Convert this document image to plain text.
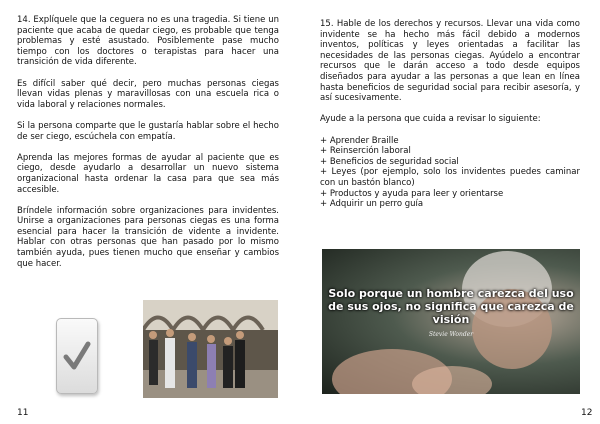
14. Explíquele que la ceguera no es una tragedia. Si tiene un paciente que acaba de quedar ciego, es probable que tenga problemas y esté asustado. Posiblemente pase mucho tiempo con los doctores o terapistas para hacer una transición de vida diferente.

Es difícil saber qué decir, pero muchas personas ciegas llevan vidas plenas y maravillosas con una escuela rica o vida laboral y relaciones normales.

Si la persona comparte que le gustaría hablar sobre el hecho de ser ciego, escúchela con empatía.

Aprenda las mejores formas de ayudar al paciente que es ciego, desde ayudarlo a desarrollar un nuevo sistema organizacional hasta ordenar la casa para que sea más accesible.

Bríndele información sobre organizaciones para invidentes. Unirse a organizaciones para personas ciegas es una forma esencial para hacer la transición de vidente a invidente. Hablar con otras personas que han pasado por lo mismo también ayuda, pues tienen mucho que enseñar y cambios que hacer.

11

15. Hable de los derechos y recursos. Llevar una vida como invidente se ha hecho más fácil debido a modernos inventos, políticas y leyes orientadas a facilitar las necesidades de las personas ciegas. Ayúdelo a encontrar recursos que le darán acceso a todo desde equipos diseñados para ayudar a las personas a que lean en línea hasta beneficios de seguridad social para recibir asesoría, y así sucesivamente.

Ayude a la persona que cuida a revisar lo siguiente:

+ Aprender Braille
+ Reinserción laboral
+ Beneficios de seguridad social
+ Leyes (por ejemplo, solo los invidentes puedes caminar con un bastón blanco)
+ Productos y ayuda para leer y orientarse
+ Adquirir un perro guía
12
Solo porque un hombre carezca del uso de sus ojos, no significa que carezca de visión
Stevie Wonder
